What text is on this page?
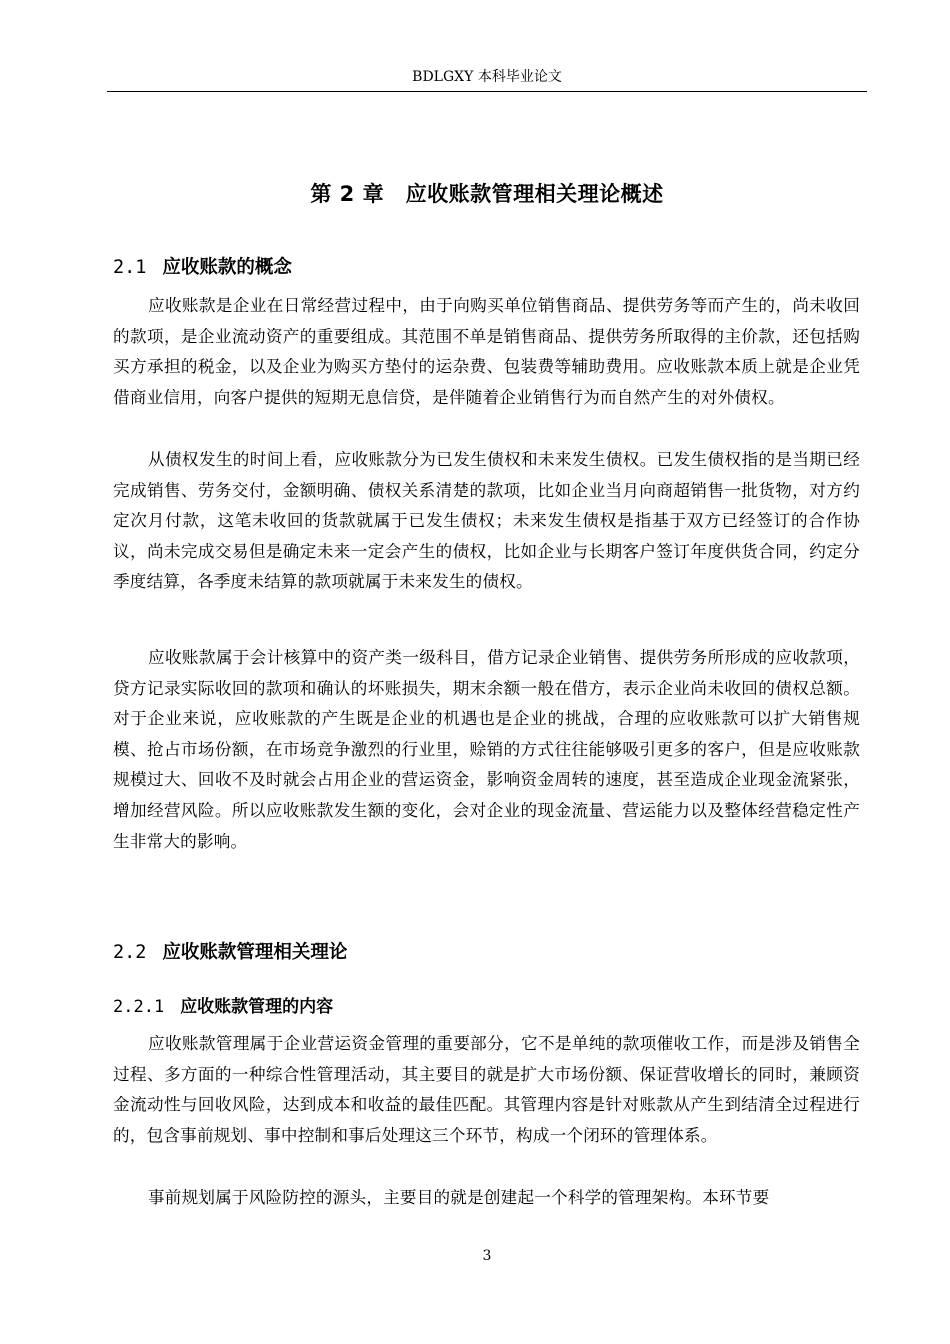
BDLGXY 本科毕业论文
第 2 章　应收账款管理相关理论概述
2.1 应收账款的概念
应收账款是企业在日常经营过程中，由于向购买单位销售商品、提供劳务等而产生的，尚未收回的款项，是企业流动资产的重要组成。其范围不单是销售商品、提供劳务所取得的主价款，还包括购买方承担的税金，以及企业为购买方垫付的运杂费、包装费等辅助费用。应收账款本质上就是企业凭借商业信用，向客户提供的短期无息信贷，是伴随着企业销售行为而自然产生的对外债权。
从债权发生的时间上看，应收账款分为已发生债权和未来发生债权。已发生债权指的是当期已经完成销售、劳务交付，金额明确、债权关系清楚的款项，比如企业当月向商超销售一批货物，对方约定次月付款，这笔未收回的货款就属于已发生债权；未来发生债权是指基于双方已经签订的合作协议，尚未完成交易但是确定未来一定会产生的债权，比如企业与长期客户签订年度供货合同，约定分季度结算，各季度未结算的款项就属于未来发生的债权。
应收账款属于会计核算中的资产类一级科目，借方记录企业销售、提供劳务所形成的应收款项，贷方记录实际收回的款项和确认的坏账损失，期末余额一般在借方，表示企业尚未收回的债权总额。对于企业来说，应收账款的产生既是企业的机遇也是企业的挑战，合理的应收账款可以扩大销售规模、抢占市场份额，在市场竞争激烈的行业里，赊销的方式往往能够吸引更多的客户，但是应收账款规模过大、回收不及时就会占用企业的营运资金，影响资金周转的速度，甚至造成企业现金流紧张，增加经营风险。所以应收账款发生额的变化，会对企业的现金流量、营运能力以及整体经营稳定性产生非常大的影响。
2.2 应收账款管理相关理论
2.2.1 应收账款管理的内容
应收账款管理属于企业营运资金管理的重要部分，它不是单纯的款项催收工作，而是涉及销售全过程、多方面的一种综合性管理活动，其主要目的就是扩大市场份额、保证营收增长的同时，兼顾资金流动性与回收风险，达到成本和收益的最佳匹配。其管理内容是针对账款从产生到结清全过程进行的，包含事前规划、事中控制和事后处理这三个环节，构成一个闭环的管理体系。
事前规划属于风险防控的源头，主要目的就是创建起一个科学的管理架构。本环节要
3
